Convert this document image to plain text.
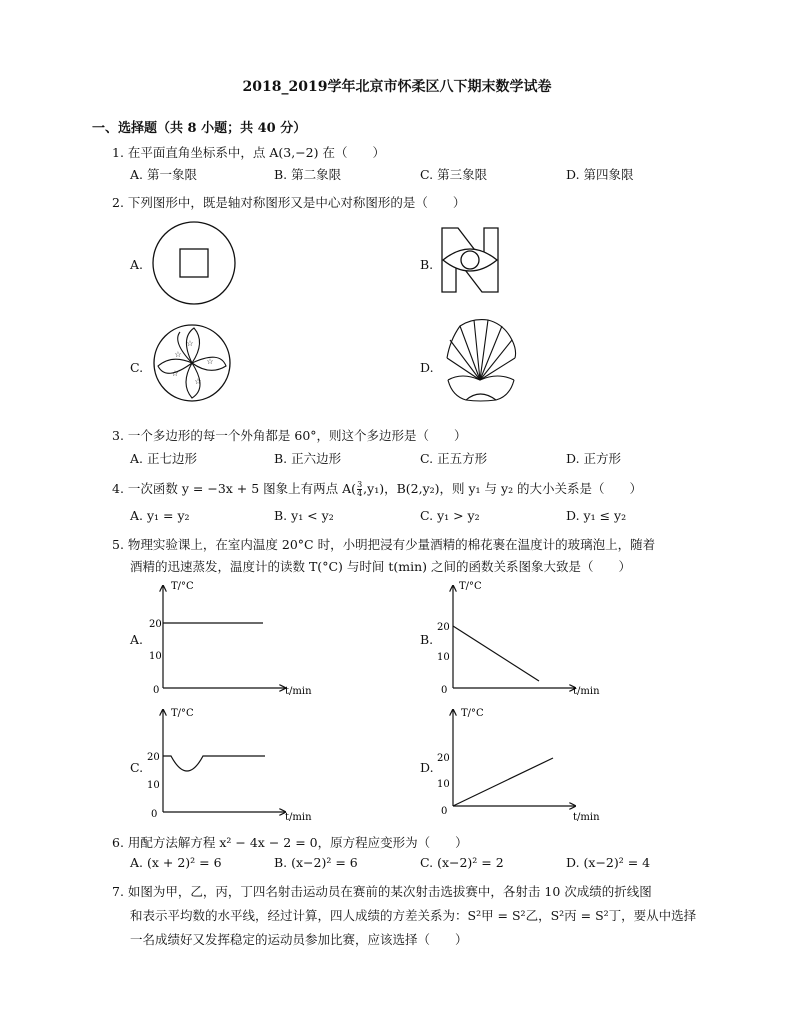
2018_2019学年北京市怀柔区八下期末数学试卷
一、选择题（共 8 小题；共 40 分）
1. 在平面直角坐标系中，点 A(3,−2) 在（　　）
A. 第一象限	B. 第二象限	C. 第三象限	D. 第四象限
2. 下列图形中，既是轴对称图形又是中心对称图形的是（　　）
A.	B.
C.	D.
☆
☆
☆
☆
☆
3. 一个多边形的每一个外角都是 60°，则这个多边形是（　　）
A. 正七边形	B. 正六边形	C. 正五方形	D. 正方形
4. 一次函数 y = −3x + 5 图象上有两点 $A( \frac{3}{4} ,y_1)$，B(2,y₂)，则 y₁ 与 y₂ 的大小关系是（　　）
A. y₁ = y₂	B. y₁ < y₂	C. y₁ > y₂	D. y₁ ≤ y₂
5. 物理实验课上，在室内温度 20°C 时，小明把浸有少量酒精的棉花裹在温度计的玻璃泡上，随着
酒精的迅速蒸发，温度计的读数 T(°C) 与时间 t(min) 之间的函数关系图象大致是（　　）
A.	B.
C.	D.
T/°C
t/min
20
10
0
T/°C
t/min
20
10
0
T/°C
t/min
20
10
0
T/°C
t/min
20
10
0
6. 用配方法解方程 x² − 4x − 2 = 0，原方程应变形为（　　）
A. (x + 2)² = 6	B. (x−2)² = 6	C. (x−2)² = 2	D. (x−2)² = 4
7. 如图为甲，乙，丙，丁四名射击运动员在赛前的某次射击选拔赛中，各射击 10 次成绩的折线图
和表示平均数的水平线，经过计算，四人成绩的方差关系为：S²甲 = S²乙，S²丙 = S²丁，要从中选择
一名成绩好又发挥稳定的运动员参加比赛，应该选择（　　）
